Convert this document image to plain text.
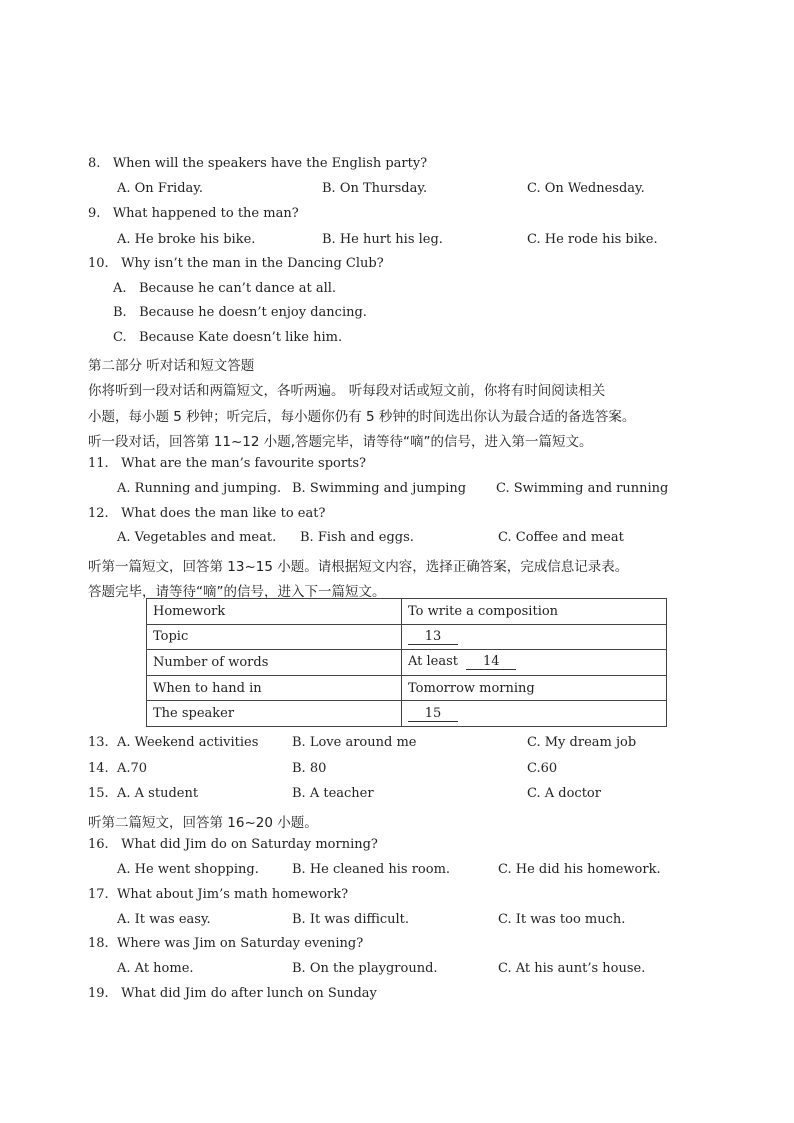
8. When will the speakers have the English party?
A. On Friday.	B. On Thursday.	C. On Wednesday.
9. What happened to the man?
A. He broke his bike.	B. He hurt his leg.	C. He rode his bike.
10. Why isn’t the man in the Dancing Club?
A. Because he can’t dance at all.
B. Because he doesn’t enjoy dancing.
C. Because Kate doesn’t like him.
第二部分 听对话和短文答题
你将听到一段对话和两篇短文，各听两遍。 听每段对话或短文前，你将有时间阅读相关
小题，每小题 5 秒钟；听完后，每小题你仍有 5 秒钟的时间选出你认为最合适的备选答案。
听一段对话，回答第 11~12 小题,答题完毕，请等待“嘀”的信号，进入第一篇短文。
11. What are the man’s favourite sports?
A. Running and jumping. B. Swimming and jumping C. Swimming and running
12. What does the man like to eat?
A. Vegetables and meat. B. Fish and eggs.	C. Coffee and meat
听第一篇短文，回答第 13~15 小题。请根据短文内容，选择正确答案，完成信息记录表。
答题完毕，请等待“嘀”的信号，进入下一篇短文。
Homework	To write a composition
Topic	13
Number of words	At least  14
When to hand in	Tomorrow morning
The speaker	15
13. A. Weekend activities	B. Love around me	C. My dream job
14. A.70	B. 80	C.60
15. A. A student	B. A teacher	C. A doctor
听第二篇短文，回答第 16~20 小题。
16. What did Jim do on Saturday morning?
A. He went shopping.	B. He cleaned his room.	C. He did his homework.
17. What about Jim’s math homework?
A. It was easy.	B. It was difficult.	C. It was too much.
18. Where was Jim on Saturday evening?
A. At home.	B. On the playground.	C. At his aunt’s house.
19. What did Jim do after lunch on Sunday
